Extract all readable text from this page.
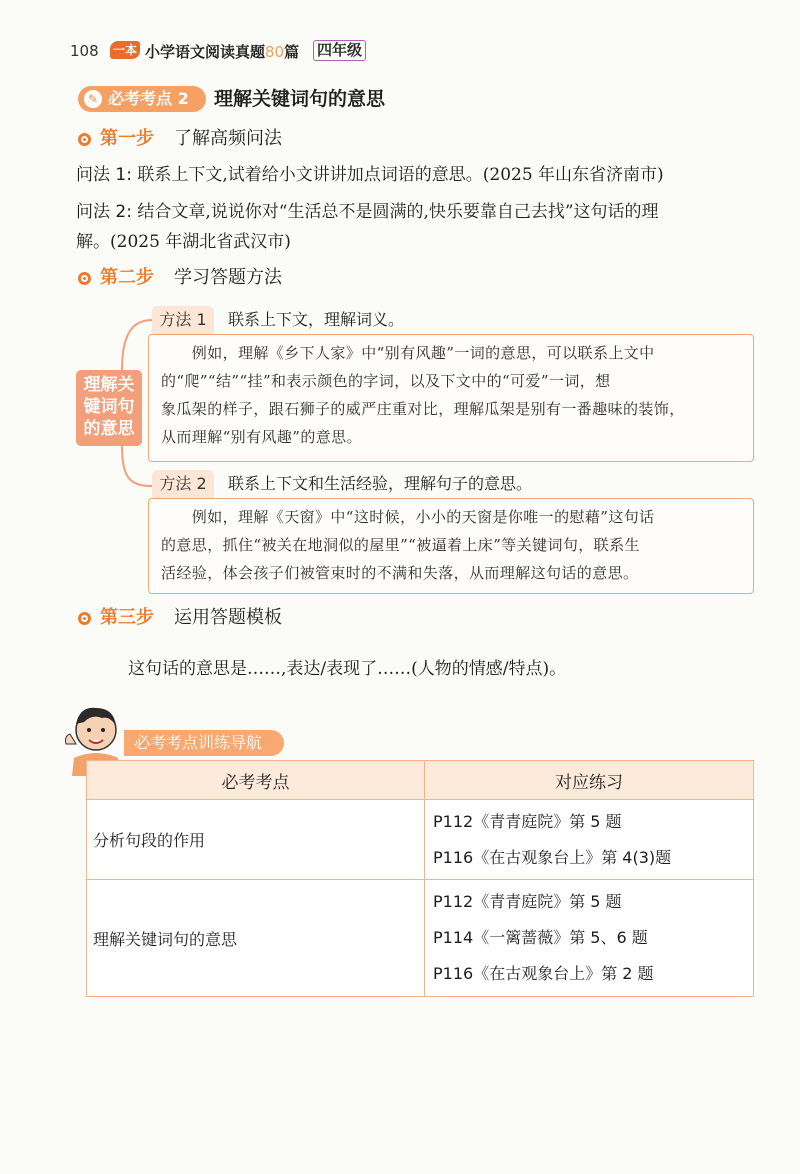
108 一本 小学语文阅读真题80篇 四年级
✎ 必考考点 2 理解关键词句的意思
第一步 了解高频问法
问法 1: 联系上下文,试着给小文讲讲加点词语的意思。(2025 年山东省济南市)
问法 2: 结合文章,说说你对“生活总不是圆满的,快乐要靠自己去找”这句话的理
解。(2025 年湖北省武汉市)
第二步 学习答题方法
理解关
键词句
的意思
方法 1	联系上下文，理解词义。
　　例如，理解《乡下人家》中“别有风趣”一词的意思，可以联系上文中
的“爬”“结”“挂”和表示颜色的字词，以及下文中的“可爱”一词，想
象瓜架的样子，跟石狮子的威严庄重对比，理解瓜架是别有一番趣味的装饰，
从而理解“别有风趣”的意思。
方法 2	联系上下文和生活经验，理解句子的意思。
　　例如，理解《天窗》中“这时候，小小的天窗是你唯一的慰藉”这句话
的意思，抓住“被关在地洞似的屋里”“被逼着上床”等关键词句，联系生
活经验，体会孩子们被管束时的不满和失落，从而理解这句话的意思。
第三步 运用答题模板
这句话的意思是……,表达/表现了……(人物的情感/特点)。
必考考点训练导航
必考考点	对应练习
分析句段的作用	P112《青青庭院》第 5 题
P116《在古观象台上》第 4(3)题

理解关键词句的意思	P112《青青庭院》第 5 题
P114《一篱蔷薇》第 5、6 题
P116《在古观象台上》第 2 题
